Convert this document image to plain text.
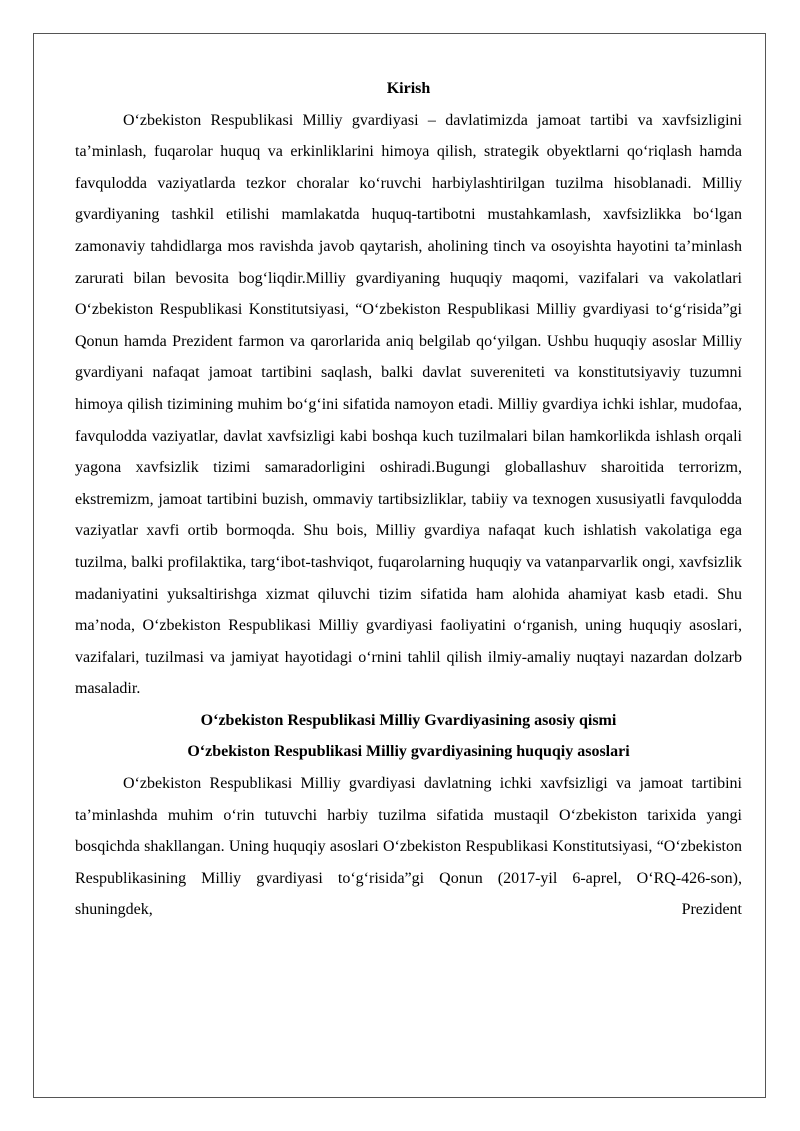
Kirish

O‘zbekiston Respublikasi Milliy gvardiyasi – davlatimizda jamoat tartibi va xavfsizligini ta’minlash, fuqarolar huquq va erkinliklarini himoya qilish, strategik obyektlarni qo‘riqlash hamda favqulodda vaziyatlarda tezkor choralar ko‘ruvchi harbiylashtirilgan tuzilma hisoblanadi. Milliy gvardiyaning tashkil etilishi mamlakatda huquq-tartibotni mustahkamlash, xavfsizlikka bo‘lgan zamonaviy tahdidlarga mos ravishda javob qaytarish, aholining tinch va osoyishta hayotini ta’minlash zarurati bilan bevosita bog‘liqdir.Milliy gvardiyaning huquqiy maqomi, vazifalari va vakolatlari O‘zbekiston Respublikasi Konstitutsiyasi, “O‘zbekiston Respublikasi Milliy gvardiyasi to‘g‘risida”gi Qonun hamda Prezident farmon va qarorlarida aniq belgilab qo‘yilgan. Ushbu huquqiy asoslar Milliy gvardiyani nafaqat jamoat tartibini saqlash, balki davlat suvereniteti va konstitutsiyaviy tuzumni himoya qilish tizimining muhim bo‘g‘ini sifatida namoyon etadi. Milliy gvardiya ichki ishlar, mudofaa, favqulodda vaziyatlar, davlat xavfsizligi kabi boshqa kuch tuzilmalari bilan hamkorlikda ishlash orqali yagona xavfsizlik tizimi samaradorligini oshiradi.Bugungi globallashuv sharoitida terrorizm, ekstremizm, jamoat tartibini buzish, ommaviy tartibsizliklar, tabiiy va texnogen xususiyatli favqulodda vaziyatlar xavfi ortib bormoqda. Shu bois, Milliy gvardiya nafaqat kuch ishlatish vakolatiga ega tuzilma, balki profilaktika, targ‘ibot-tashviqot, fuqarolarning huquqiy va vatanparvarlik ongi, xavfsizlik madaniyatini yuksaltirishga xizmat qiluvchi tizim sifatida ham alohida ahamiyat kasb etadi. Shu ma’noda, O‘zbekiston Respublikasi Milliy gvardiyasi faoliyatini o‘rganish, uning huquqiy asoslari, vazifalari, tuzilmasi va jamiyat hayotidagi o‘rnini tahlil qilish ilmiy-amaliy nuqtayi nazardan dolzarb masaladir.

O‘zbekiston Respublikasi Milliy Gvardiyasining asosiy qismi

O‘zbekiston Respublikasi Milliy gvardiyasining huquqiy asoslari

O‘zbekiston Respublikasi Milliy gvardiyasi davlatning ichki xavfsizligi va jamoat tartibini ta’minlashda muhim o‘rin tutuvchi harbiy tuzilma sifatida mustaqil O‘zbekiston tarixida yangi bosqichda shakllangan. Uning huquqiy asoslari O‘zbekiston Respublikasi Konstitutsiyasi, “O‘zbekiston Respublikasining Milliy gvardiyasi to‘g‘risida”gi Qonun (2017-yil 6-aprel, O‘RQ-426-son), shuningdek, Prezident
